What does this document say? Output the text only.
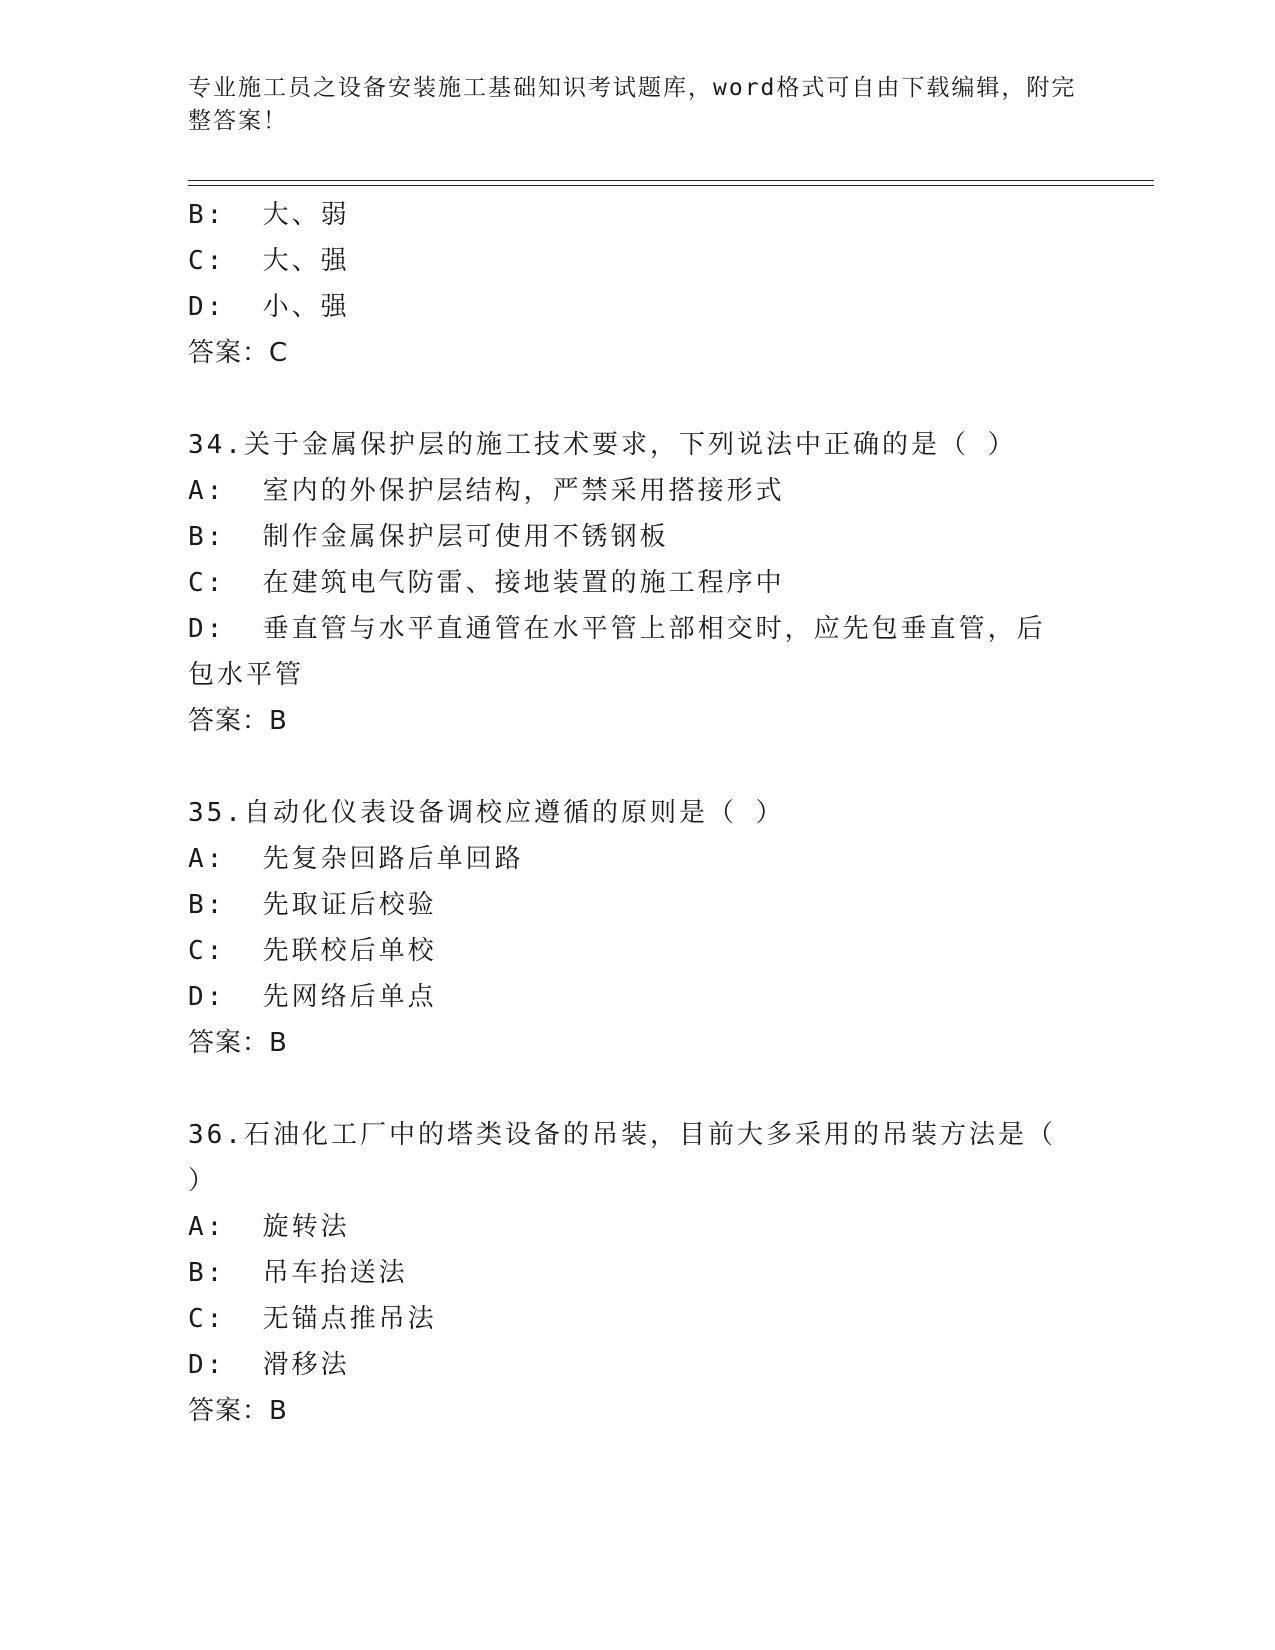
专业施工员之设备安装施工基础知识考试题库，word格式可自由下载编辑，附完整答案！
B:  大、弱
C:  大、强
D:  小、强
答案：C
34.关于金属保护层的施工技术要求，下列说法中正确的是（ ）
A:  室内的外保护层结构，严禁采用搭接形式
B:  制作金属保护层可使用不锈钢板
C:  在建筑电气防雷、接地装置的施工程序中
D:  垂直管与水平直通管在水平管上部相交时，应先包垂直管，后包水平管
答案：B
35.自动化仪表设备调校应遵循的原则是（ ）
A:  先复杂回路后单回路
B:  先取证后校验
C:  先联校后单校
D:  先网络后单点
答案：B
36.石油化工厂中的塔类设备的吊装，目前大多采用的吊装方法是（ ）
A:  旋转法
B:  吊车抬送法
C:  无锚点推吊法
D:  滑移法
答案：B
